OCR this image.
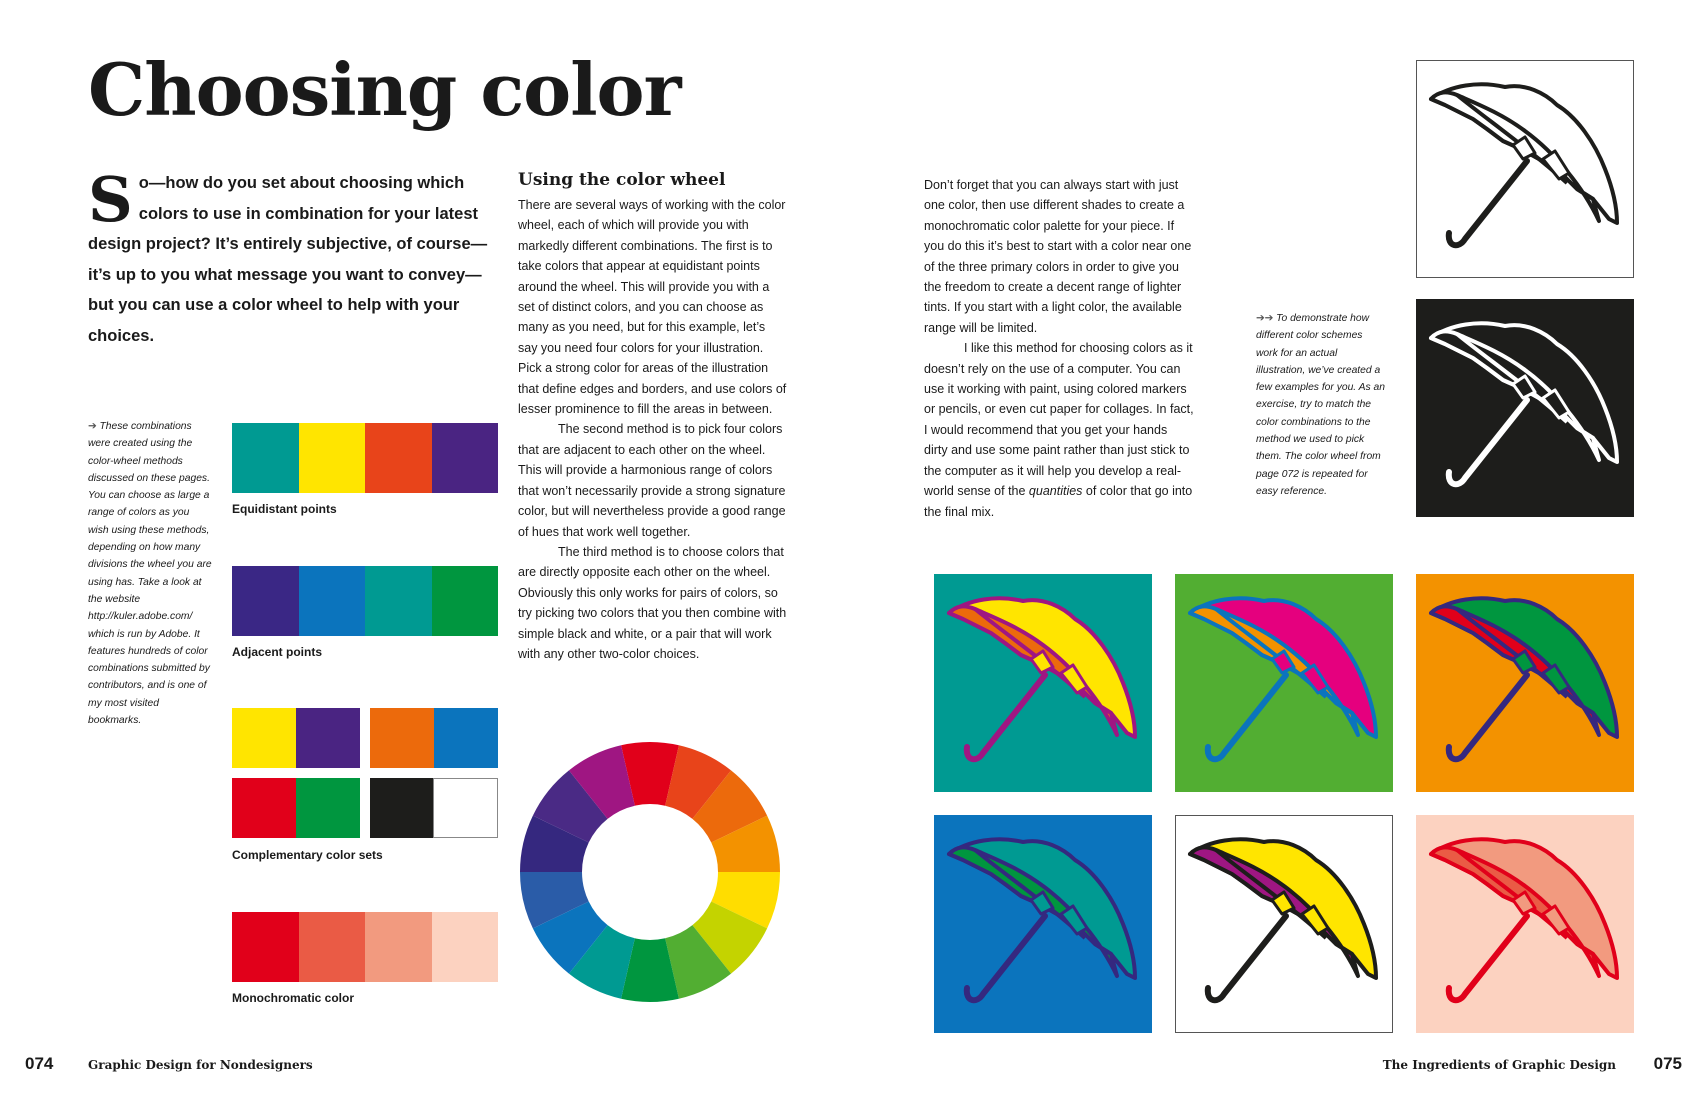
Choosing color

So—how do you set about choosing which colors to use in combination for your latest design project? It’s entirely subjective, of course—it’s up to you what message you want to convey—but you can use a color wheel to help with your choices.

Using the color wheel

There are several ways of working with the color wheel, each of which will provide you with markedly different combinations. The first is to take colors that appear at equidistant points around the wheel. This will provide you with a set of distinct colors, and you can choose as many as you need, but for this example, let’s say you need four colors for your illustration. Pick a strong color for areas of the illustration that define edges and borders, and use colors of lesser prominence to fill the areas in between.

The second method is to pick four colors that are adjacent to each other on the wheel. This will provide a harmonious range of colors that won’t necessarily provide a strong signature color, but will nevertheless provide a good range of hues that work well together.

The third method is to choose colors that are directly opposite each other on the wheel. Obviously this only works for pairs of colors, so try picking two colors that you then combine with simple black and white, or a pair that will work with any other two-color choices.

Don’t forget that you can always start with just one color, then use different shades to create a monochromatic color palette for your piece. If you do this it’s best to start with a color near one of the three primary colors in order to give you the freedom to create a decent range of lighter tints. If you start with a light color, the available range will be limited.

I like this method for choosing colors as it doesn’t rely on the use of a computer. You can use it working with paint, using colored markers or pencils, or even cut paper for collages. In fact, I would recommend that you get your hands dirty and use some paint rather than just stick to the computer as it will help you develop a real-world sense of the quantities of color that go into the final mix.

➔ These combinations were created using the color-wheel methods discussed on these pages. You can choose as large a range of colors as you wish using these methods, depending on how many divisions the wheel you are using has. Take a look at the website http://kuler.adobe.com/ which is run by Adobe. It features hundreds of color combinations submitted by contributors, and is one of my most visited bookmarks.

➔➔ To demonstrate how different color schemes work for an actual illustration, we’ve created a few examples for you. As an exercise, try to match the color combinations to the method we used to pick them. The color wheel from page 072 is repeated for easy reference.

Equidistant points

Adjacent points

Complementary color sets

Monochromatic color

074	Graphic Design for Nondesigners	The Ingredients of Graphic Design 075
